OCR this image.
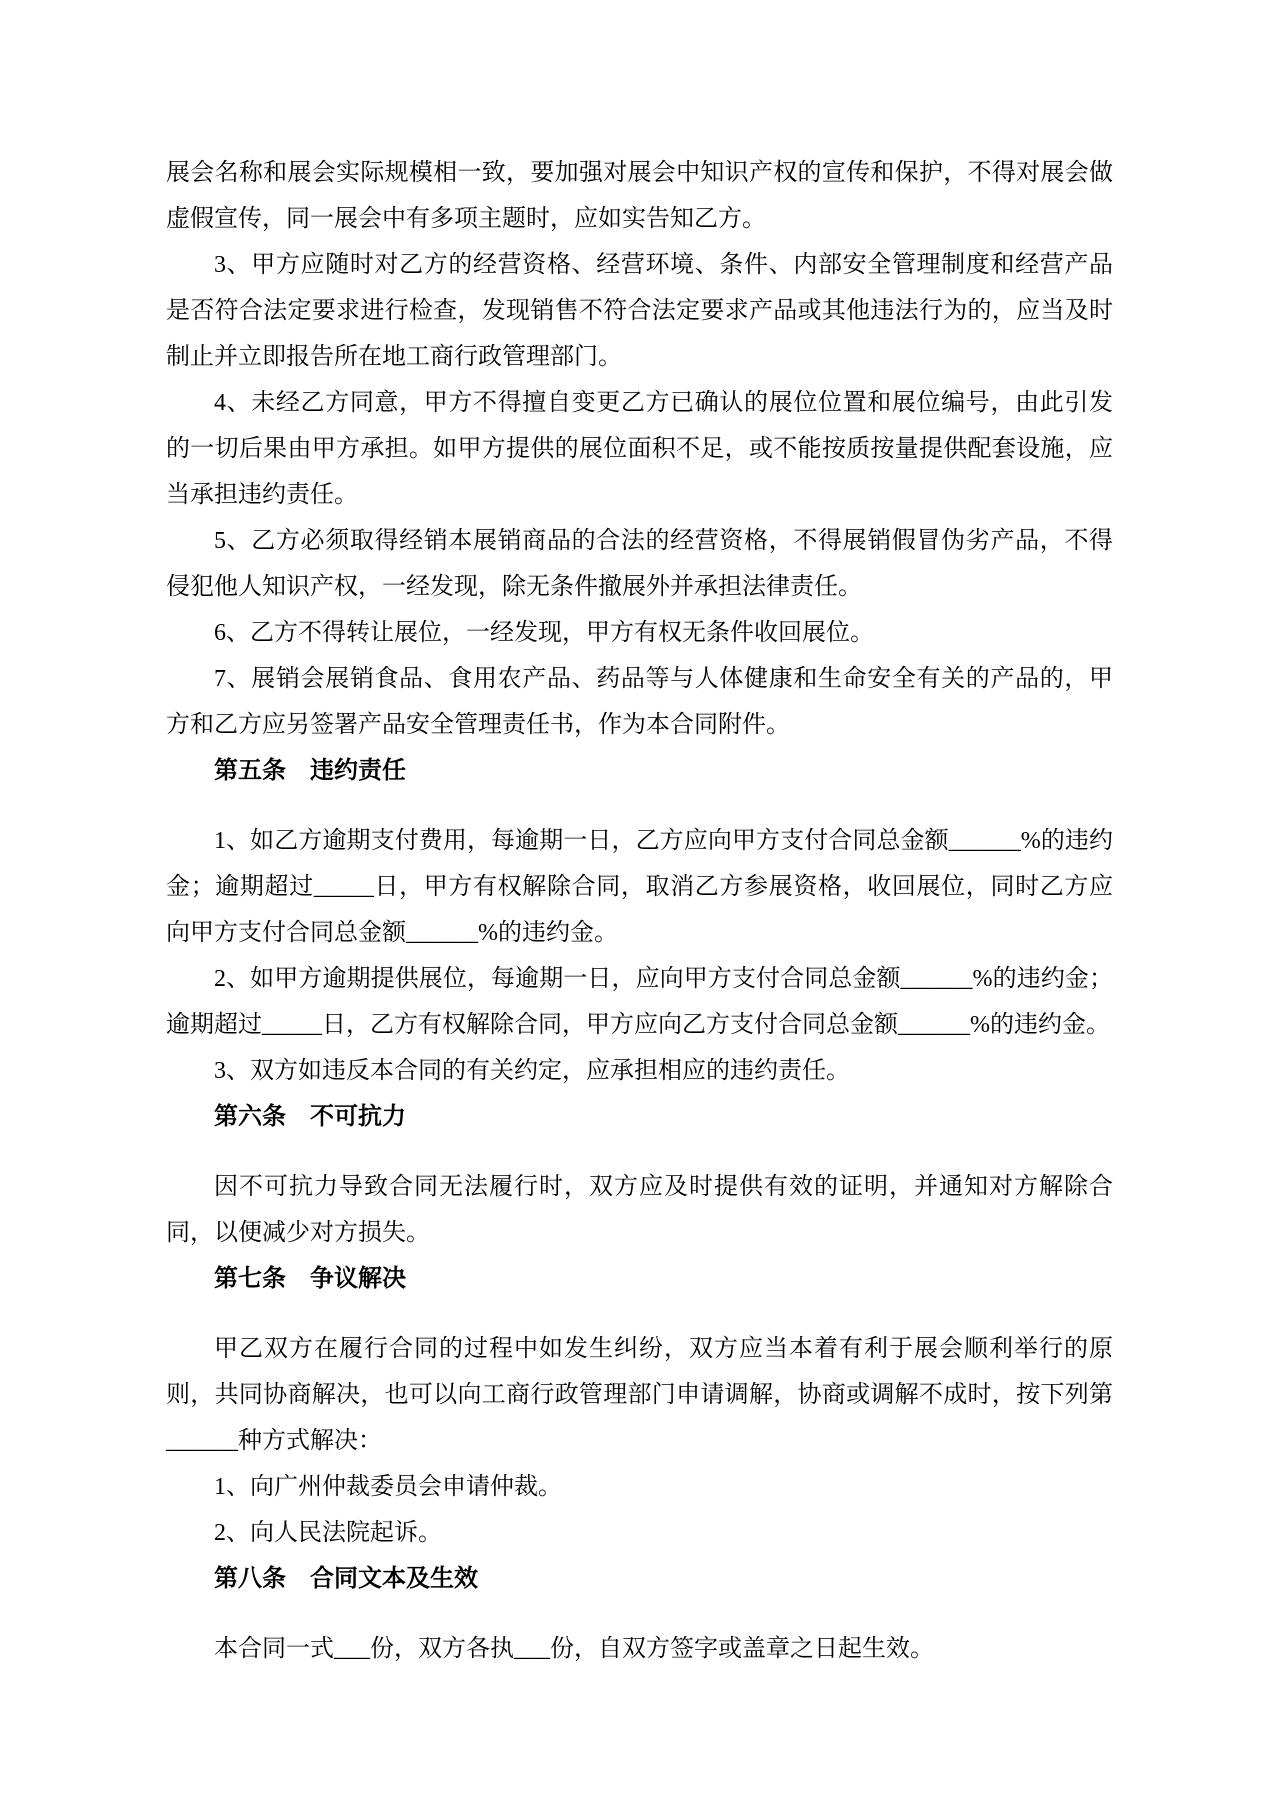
展会名称和展会实际规模相一致，要加强对展会中知识产权的宣传和保护，不得对展会做虚假宣传，同一展会中有多项主题时，应如实告知乙方。

3、甲方应随时对乙方的经营资格、经营环境、条件、内部安全管理制度和经营产品是否符合法定要求进行检查，发现销售不符合法定要求产品或其他违法行为的，应当及时制止并立即报告所在地工商行政管理部门。

4、未经乙方同意，甲方不得擅自变更乙方已确认的展位位置和展位编号，由此引发的一切后果由甲方承担。如甲方提供的展位面积不足，或不能按质按量提供配套设施，应当承担违约责任。

5、乙方必须取得经销本展销商品的合法的经营资格，不得展销假冒伪劣产品，不得侵犯他人知识产权，一经发现，除无条件撤展外并承担法律责任。

6、乙方不得转让展位，一经发现，甲方有权无条件收回展位。

7、展销会展销食品、食用农产品、药品等与人体健康和生命安全有关的产品的，甲方和乙方应另签署产品安全管理责任书，作为本合同附件。

第五条　违约责任

1、如乙方逾期支付费用，每逾期一日，乙方应向甲方支付合同总金额______%的违约金；逾期超过_____日，甲方有权解除合同，取消乙方参展资格，收回展位，同时乙方应向甲方支付合同总金额______%的违约金。

2、如甲方逾期提供展位，每逾期一日，应向甲方支付合同总金额______%的违约金；逾期超过_____日，乙方有权解除合同，甲方应向乙方支付合同总金额______%的违约金。

3、双方如违反本合同的有关约定，应承担相应的违约责任。

第六条　不可抗力

因不可抗力导致合同无法履行时，双方应及时提供有效的证明，并通知对方解除合同，以便减少对方损失。

第七条　争议解决

甲乙双方在履行合同的过程中如发生纠纷，双方应当本着有利于展会顺利举行的原则，共同协商解决，也可以向工商行政管理部门申请调解，协商或调解不成时，按下列第______种方式解决：

1、向广州仲裁委员会申请仲裁。

2、向人民法院起诉。

第八条　合同文本及生效

本合同一式___份，双方各执___份，自双方签字或盖章之日起生效。
